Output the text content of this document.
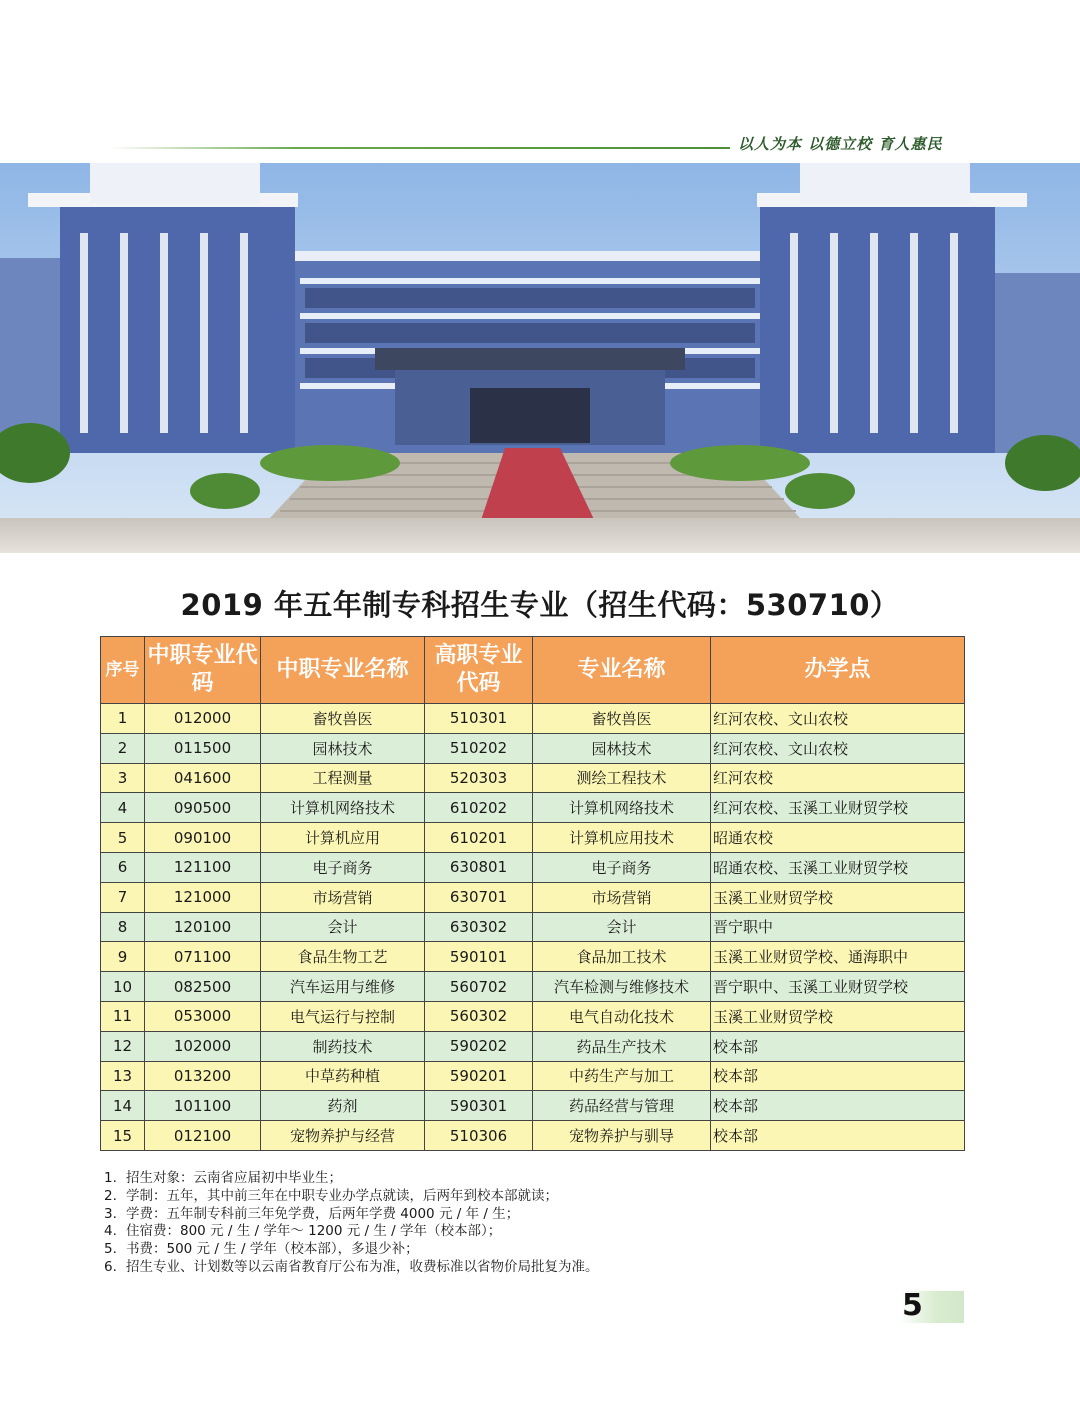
以人为本 以德立校 育人惠民
2019 年五年制专科招生专业（招生代码：530710）
序号	中职专业代码	中职专业名称	高职专业代码	专业名称	办学点
1	012000	畜牧兽医	510301	畜牧兽医	红河农校、文山农校
2	011500	园林技术	510202	园林技术	红河农校、文山农校
3	041600	工程测量	520303	测绘工程技术	红河农校
4	090500	计算机网络技术	610202	计算机网络技术	红河农校、玉溪工业财贸学校
5	090100	计算机应用	610201	计算机应用技术	昭通农校
6	121100	电子商务	630801	电子商务	昭通农校、玉溪工业财贸学校
7	121000	市场营销	630701	市场营销	玉溪工业财贸学校
8	120100	会计	630302	会计	晋宁职中
9	071100	食品生物工艺	590101	食品加工技术	玉溪工业财贸学校、通海职中
10	082500	汽车运用与维修	560702	汽车检测与维修技术	晋宁职中、玉溪工业财贸学校
11	053000	电气运行与控制	560302	电气自动化技术	玉溪工业财贸学校
12	102000	制药技术	590202	药品生产技术	校本部
13	013200	中草药种植	590201	中药生产与加工	校本部
14	101100	药剂	590301	药品经营与管理	校本部
15	012100	宠物养护与经营	510306	宠物养护与驯导	校本部
1. 招生对象：云南省应届初中毕业生；
2. 学制：五年，其中前三年在中职专业办学点就读，后两年到校本部就读；
3. 学费：五年制专科前三年免学费，后两年学费 4000 元 / 年 / 生；
4. 住宿费：800 元 / 生 / 学年～ 1200 元 / 生 / 学年（校本部）；
5. 书费：500 元 / 生 / 学年（校本部），多退少补；
6. 招生专业、计划数等以云南省教育厅公布为准，收费标准以省物价局批复为准。
5
